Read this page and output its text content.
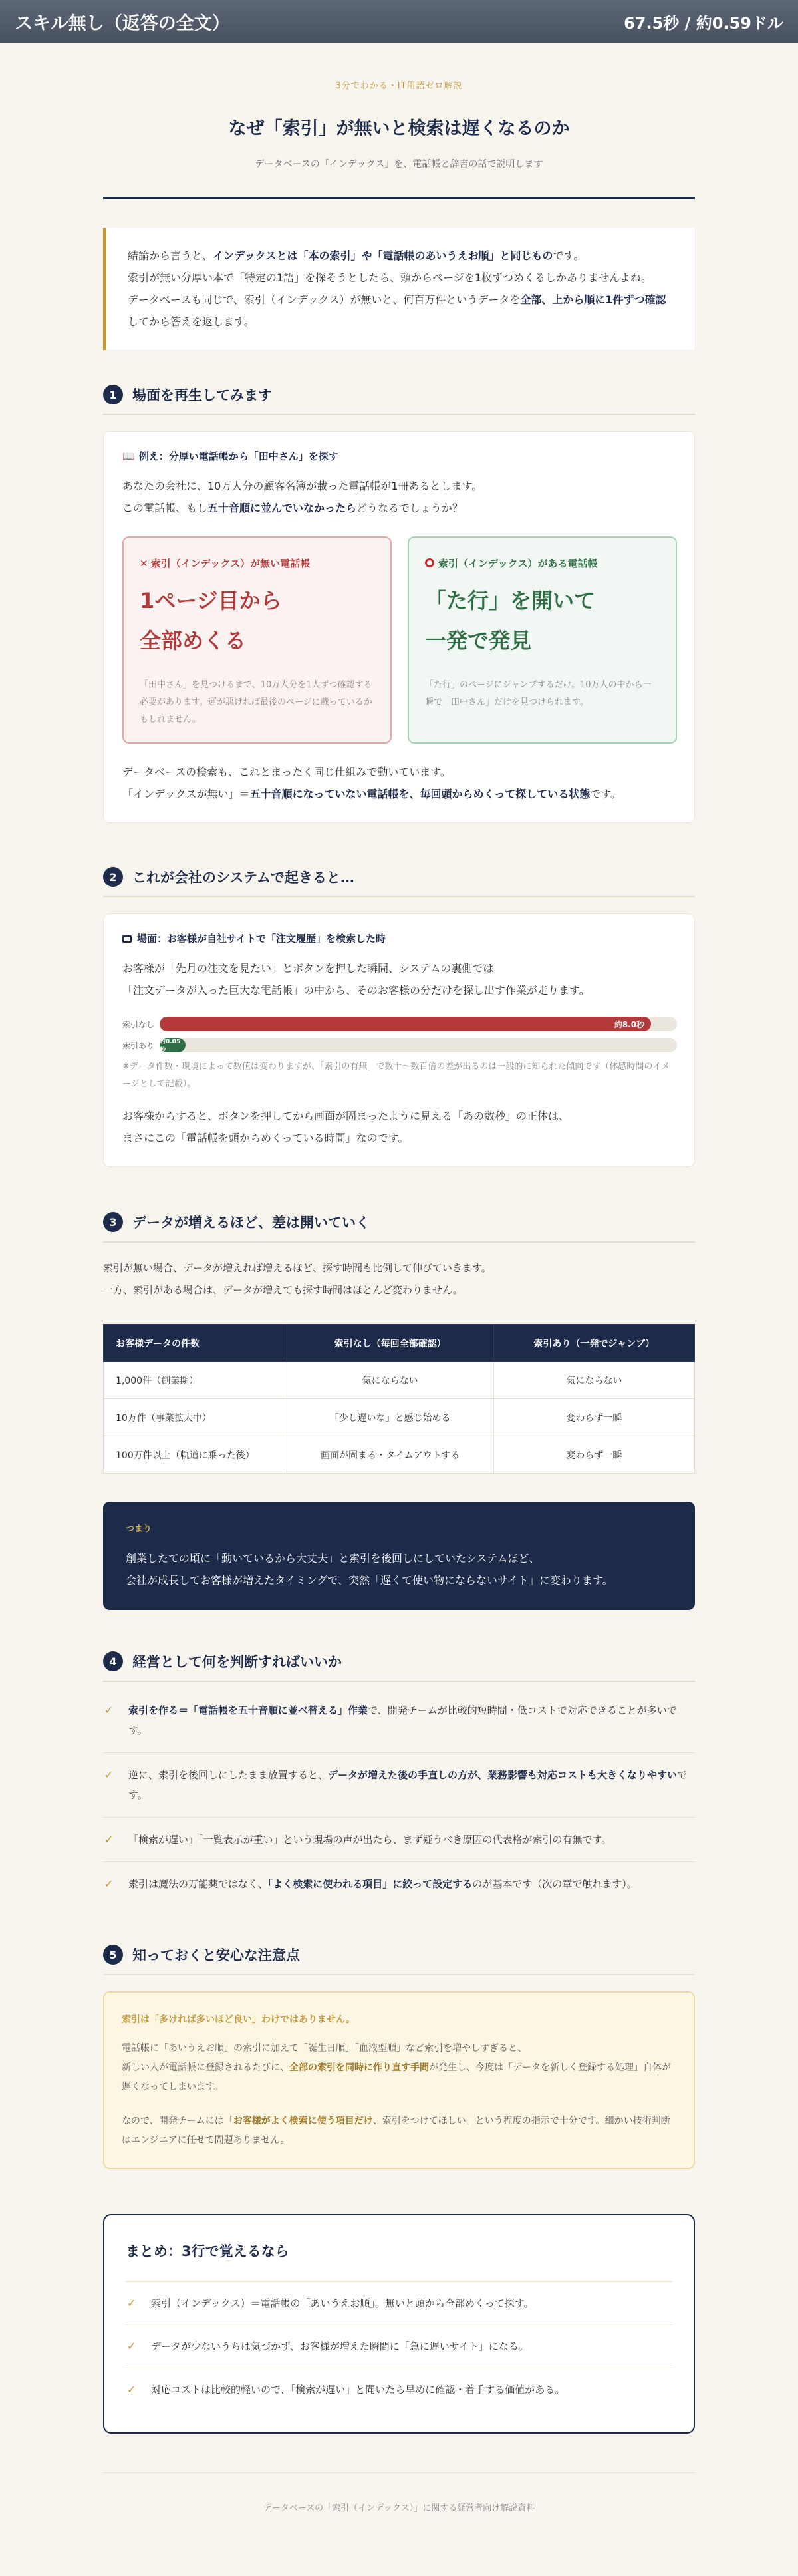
スキル無し（返答の全文）	67.5秒 / 約0.59ドル
3分でわかる・IT用語ゼロ解説
なぜ「索引」が無いと検索は遅くなるのか
データベースの「インデックス」を、電話帳と辞書の話で説明します
結論から言うと、インデックスとは「本の索引」や「電話帳のあいうえお順」と同じものです。
索引が無い分厚い本で「特定の1語」を探そうとしたら、頭からページを1枚ずつめくるしかありませんよね。
データベースも同じで、索引（インデックス）が無いと、何百万件というデータを全部、上から順に1件ずつ確認してから答えを返します。
1	場面を再生してみます
📖 例え：分厚い電話帳から「田中さん」を探す
あなたの会社に、10万人分の顧客名簿が載った電話帳が1冊あるとします。
この電話帳、もし五十音順に並んでいなかったらどうなるでしょうか？
✕ 索引（インデックス）が無い電話帳
1ページ目から
全部めくる
「田中さん」を見つけるまで、10万人分を1人ずつ確認する必要があります。運が悪ければ最後のページに載っているかもしれません。
索引（インデックス）がある電話帳
「た行」を開いて
一発で発見
「た行」のページにジャンプするだけ。10万人の中から一瞬で「田中さん」だけを見つけられます。
データベースの検索も、これとまったく同じ仕組みで動いています。
「インデックスが無い」＝五十音順になっていない電話帳を、毎回頭からめくって探している状態です。
2	これが会社のシステムで起きると…
場面：お客様が自社サイトで「注文履歴」を検索した時
お客様が「先月の注文を見たい」とボタンを押した瞬間、システムの裏側では
「注文データが入った巨大な電話帳」の中から、そのお客様の分だけを探し出す作業が走ります。
索引なし	約8.0秒
索引あり 約0.05秒
※データ件数・環境によって数値は変わりますが、「索引の有無」で数十〜数百倍の差が出るのは一般的に知られた傾向です（体感時間のイメージとして記載）。
お客様からすると、ボタンを押してから画面が固まったように見える「あの数秒」の正体は、
まさにこの「電話帳を頭からめくっている時間」なのです。
3	データが増えるほど、差は開いていく
索引が無い場合、データが増えれば増えるほど、探す時間も比例して伸びていきます。
一方、索引がある場合は、データが増えても探す時間はほとんど変わりません。
お客様データの件数	索引なし（毎回全部確認）	索引あり（一発でジャンプ）
1,000件（創業期）	気にならない	気にならない
10万件（事業拡大中）	「少し遅いな」と感じ始める	変わらず一瞬
100万件以上（軌道に乗った後）	画面が固まる・タイムアウトする	変わらず一瞬
つまり
創業したての頃に「動いているから大丈夫」と索引を後回しにしていたシステムほど、
会社が成長してお客様が増えたタイミングで、突然「遅くて使い物にならないサイト」に変わります。
4	経営として何を判断すればいいか
✓	索引を作る＝「電話帳を五十音順に並べ替える」作業で、開発チームが比較的短時間・低コストで対応できることが多いです。
✓	逆に、索引を後回しにしたまま放置すると、データが増えた後の手直しの方が、業務影響も対応コストも大きくなりやすいです。
✓	「検索が遅い」「一覧表示が重い」という現場の声が出たら、まず疑うべき原因の代表格が索引の有無です。
✓	索引は魔法の万能薬ではなく、「よく検索に使われる項目」に絞って設定するのが基本です（次の章で触れます）。
5	知っておくと安心な注意点
索引は「多ければ多いほど良い」わけではありません。
電話帳に「あいうえお順」の索引に加えて「誕生日順」「血液型順」など索引を増やしすぎると、
新しい人が電話帳に登録されるたびに、全部の索引を同時に作り直す手間が発生し、今度は「データを新しく登録する処理」自体が遅くなってしまいます。
なので、開発チームには「お客様がよく検索に使う項目だけ、索引をつけてほしい」という程度の指示で十分です。細かい技術判断はエンジニアに任せて問題ありません。
まとめ：3行で覚えるなら
✓	索引（インデックス）＝電話帳の「あいうえお順」。無いと頭から全部めくって探す。
✓	データが少ないうちは気づかず、お客様が増えた瞬間に「急に遅いサイト」になる。
✓	対応コストは比較的軽いので、「検索が遅い」と聞いたら早めに確認・着手する価値がある。
データベースの「索引（インデックス）」に関する経営者向け解説資料
